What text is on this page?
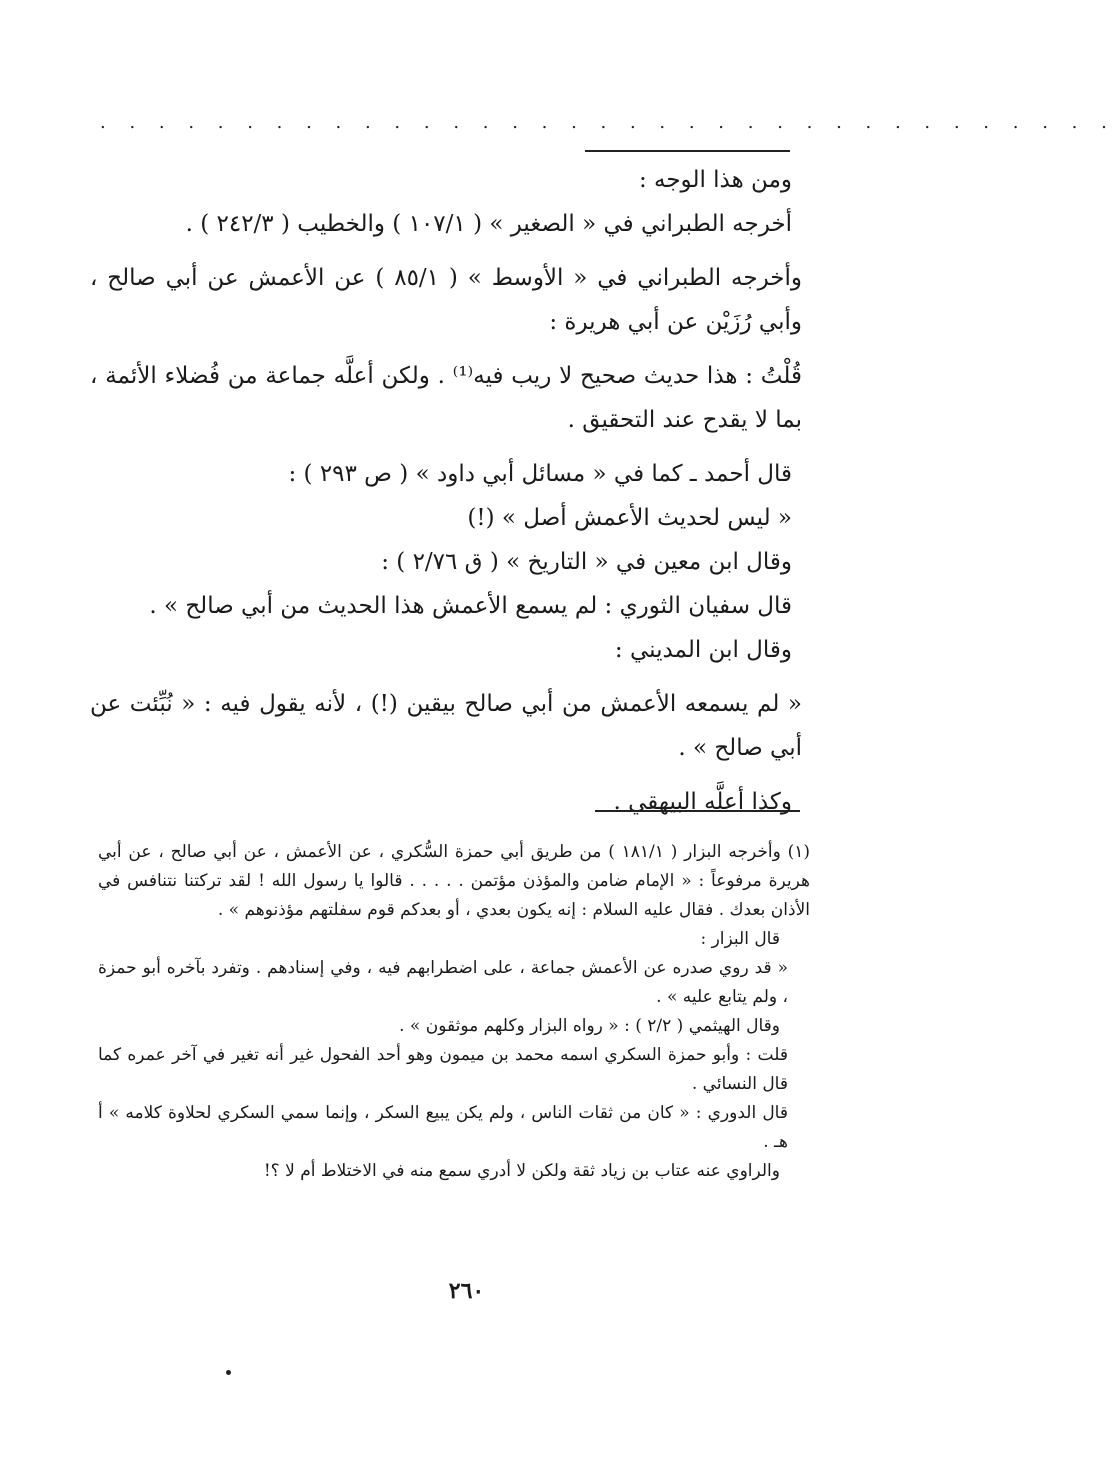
. . . . . . . . . . . . . . . . . . . . . . . . . . . . . . . . . . .

ومن هذا الوجه :

أخرجه الطبراني في « الصغير » ( ١٠٧/١ ) والخطيب ( ٢٤٢/٣ ) .

وأخرجه الطبراني في « الأوسط » ( ٨٥/١ ) عن الأعمش عن أبي صالح ، وأبي رُزَيْن عن أبي هريرة :

قُلْتُ : هذا حديث صحيح لا ريب فيه⁽¹⁾ . ولكن أعلَّه جماعة من فُضلاء الأئمة ، بما لا يقدح عند التحقيق .

قال أحمد ـ كما في « مسائل أبي داود » ( ص ٢٩٣ ) :

« ليس لحديث الأعمش أصل » (!)

وقال ابن معين في « التاريخ » ( ق ٢/٧٦ ) :

قال سفيان الثوري : لم يسمع الأعمش هذا الحديث من أبي صالح » .

وقال ابن المديني :

« لم يسمعه الأعمش من أبي صالح بيقين (!) ، لأنه يقول فيه : « نُبِّئت عن أبي صالح » .

وكذا أعلَّه البيهقي .

(١) وأخرجه البزار ( ١٨١/١ ) من طريق أبي حمزة السُّكري ، عن الأعمش ، عن أبي صالح ، عن أبي هريرة مرفوعاً : « الإمام ضامن والمؤذن مؤتمن . . . . . قالوا يا رسول الله ! لقد تركتنا نتنافس في الأذان بعدك . فقال عليه السلام : إنه يكون بعدي ، أو بعدكم قوم سفلتهم مؤذنوهم » .

قال البزار :

« قد روي صدره عن الأعمش جماعة ، على اضطرابهم فيه ، وفي إسنادهم . وتفرد بآخره أبو حمزة ، ولم يتابع عليه » .

وقال الهيثمي ( ٢/٢ ) : « رواه البزار وكلهم موثقون » .

قلت : وأبو حمزة السكري اسمه محمد بن ميمون وهو أحد الفحول غير أنه تغير في آخر عمره كما قال النسائي .

قال الدوري : « كان من ثقات الناس ، ولم يكن يبيع السكر ، وإنما سمي السكري لحلاوة كلامه » أ هـ .

والراوي عنه عتاب بن زياد ثقة ولكن لا أدري سمع منه في الاختلاط أم لا ؟!

٢٦٠
